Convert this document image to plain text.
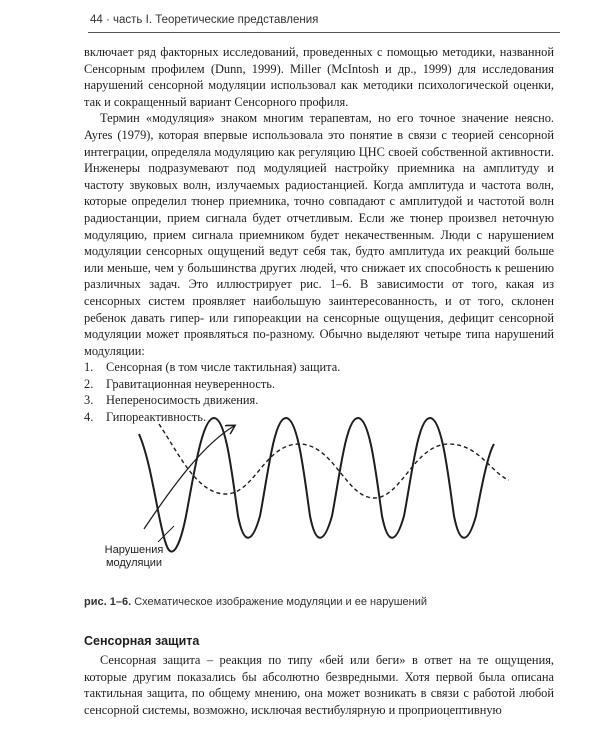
44 · часть I. Теоретические представления

включает ряд факторных исследований, проведенных с помощью методики, названной Сенсорным профилем (Dunn, 1999). Miller (McIntosh и др., 1999) для исследования нарушений сенсорной модуляции использовал как методики психологической оценки, так и сокращенный вариант Сенсорного профиля.

Термин «модуляция» знаком многим терапевтам, но его точное значение неясно. Ayres (1979), которая впервые использовала это понятие в связи с теорией сенсорной интеграции, определяла модуляцию как регуляцию ЦНС своей собственной активности. Инженеры подразумевают под модуляцией настройку приемника на амплитуду и частоту звуковых волн, излучаемых радиостанцией. Когда амплитуда и частота волн, которые определил тюнер приемника, точно совпадают с амплитудой и частотой волн радиостанции, прием сигнала будет отчетливым. Если же тюнер произвел неточную модуляцию, прием сигнала приемником будет некачественным. Люди с нарушением модуляции сенсорных ощущений ведут себя так, будто амплитуда их реакций больше или меньше, чем у большинства других людей, что снижает их способность к решению различных задач. Это иллюстрирует рис. 1–6. В зависимости от того, какая из сенсорных систем проявляет наибольшую заинтересованность, и от того, склонен ребенок давать гипер- или гипореакции на сенсорные ощущения, дефицит сенсорной модуляции может проявляться по-разному. Обычно выделяют четыре типа нарушений модуляции:

1.	Сенсорная (в том числе тактильная) защита.
2.	Гравитационная неуверенность.
3.	Непереносимость движения.
4.	Гипореактивность.
Нарушения
модуляции
рис. 1–6. Схематическое изображение модуляции и ее нарушений
Сенсорная защита

Сенсорная защита – реакция по типу «бей или беги» в ответ на те ощущения, которые другим показались бы абсолютно безвредными. Хотя первой была описана тактильная защита, по общему мнению, она может возникать в связи с работой любой сенсорной системы, возможно, исключая вестибулярную и проприоцептивную
